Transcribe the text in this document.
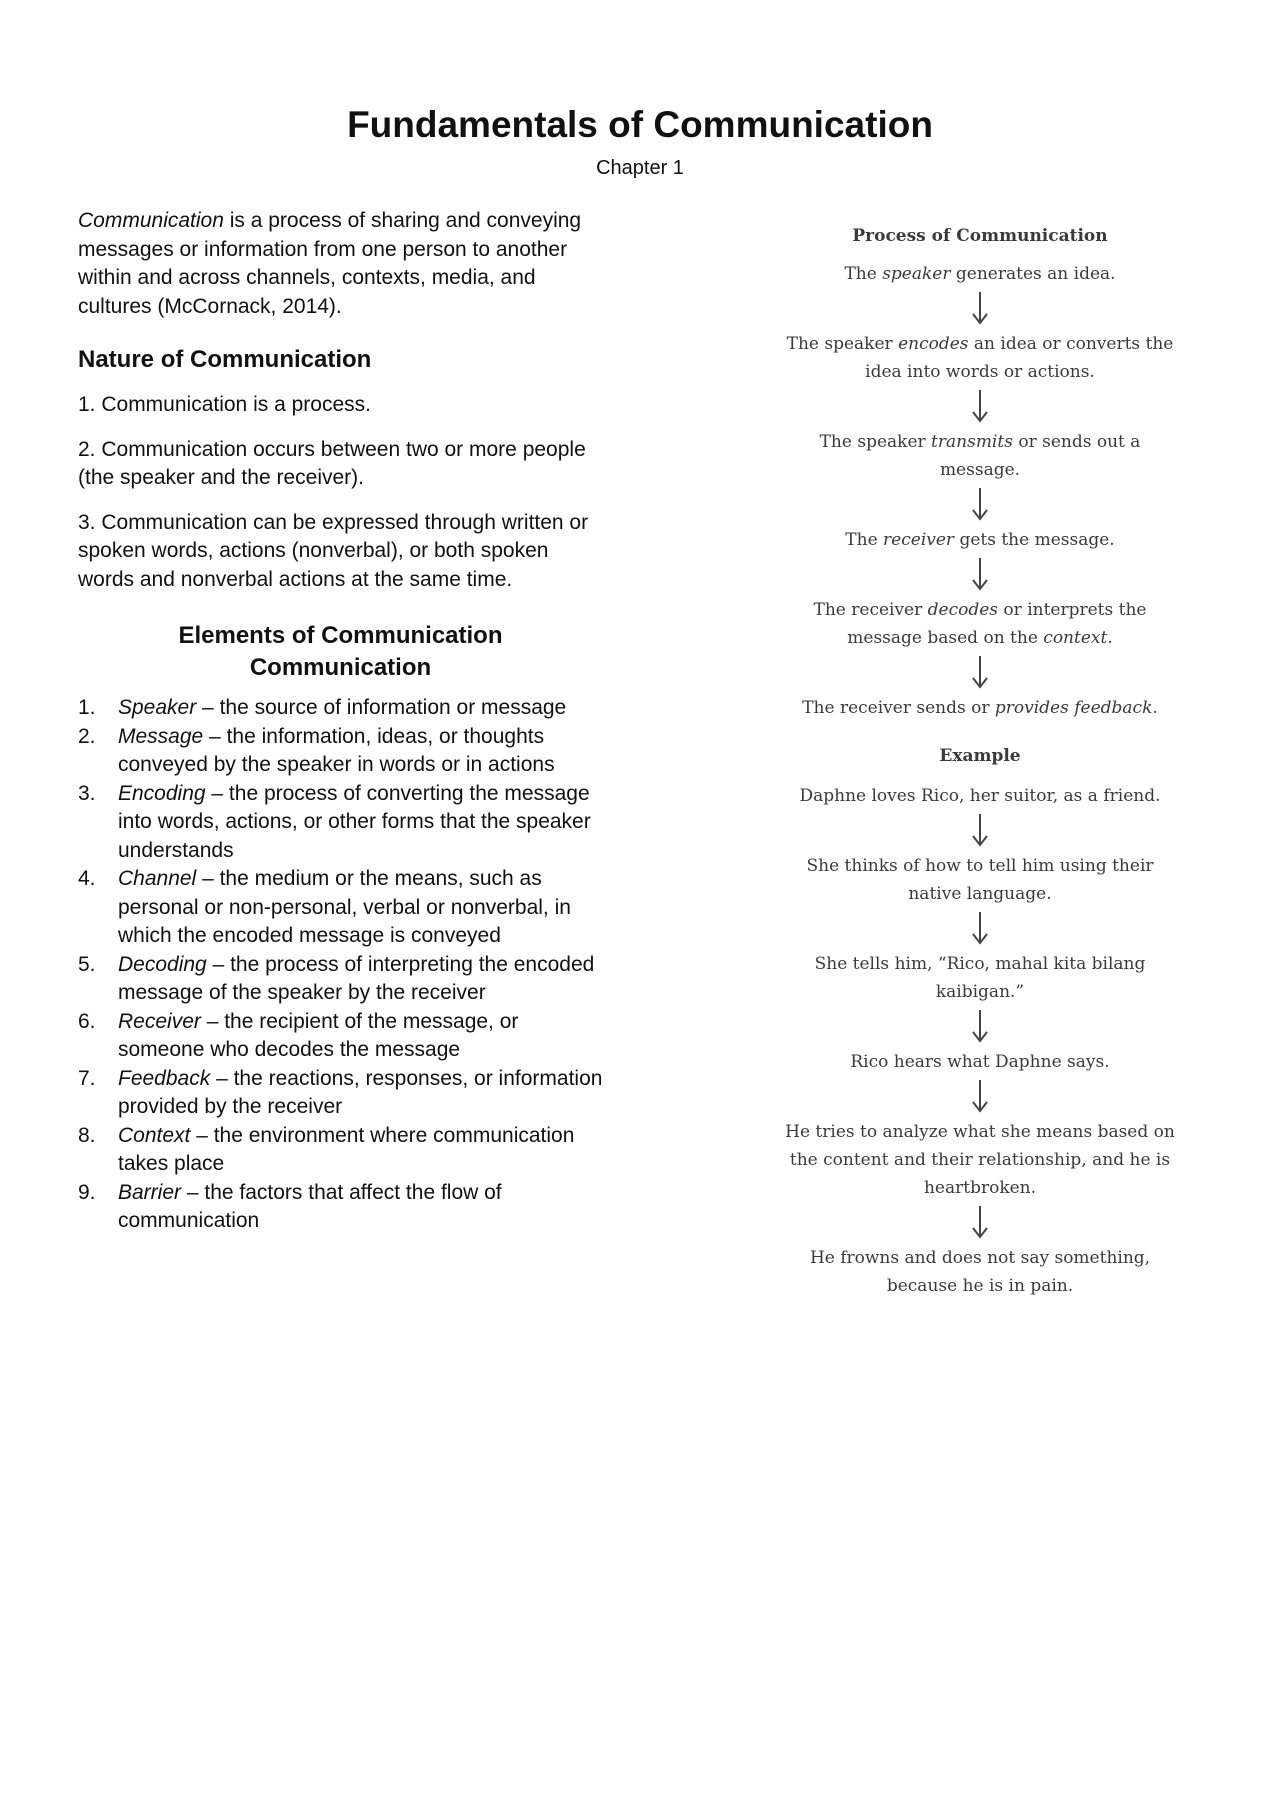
Fundamentals of Communication
Chapter 1

Communication is a process of sharing and conveying messages or information from one person to another within and across channels, contexts, media, and cultures (McCornack, 2014).

Nature of Communication

1. Communication is a process.

2. Communication occurs between two or more people (the speaker and the receiver).

3. Communication can be expressed through written or spoken words, actions (nonverbal), or both spoken words and nonverbal actions at the same time.

Elements of Communication
Communication
1.	Speaker – the source of information or message
2.	Message – the information, ideas, or thoughts conveyed by the speaker in words or in actions
3.	Encoding – the process of converting the message into words, actions, or other forms that the speaker understands
4.	Channel – the medium or the means, such as personal or non-personal, verbal or nonverbal, in which the encoded message is conveyed
5.	Decoding – the process of interpreting the encoded message of the speaker by the receiver
6.	Receiver – the recipient of the message, or someone who decodes the message
7.	Feedback – the reactions, responses, or information provided by the receiver
8.	Context – the environment where communication takes place
9.	Barrier – the factors that affect the flow of communication
Process of Communication

The speaker generates an idea.

The speaker encodes an idea or converts the idea into words or actions.

The speaker transmits or sends out a message.

The receiver gets the message.

The receiver decodes or interprets the message based on the context.

The receiver sends or provides feedback.

Example

Daphne loves Rico, her suitor, as a friend.

She thinks of how to tell him using their native language.

She tells him, “Rico, mahal kita bilang kaibigan.”

Rico hears what Daphne says.

He tries to analyze what she means based on the content and their relationship, and he is heartbroken.

He frowns and does not say something, because he is in pain.
